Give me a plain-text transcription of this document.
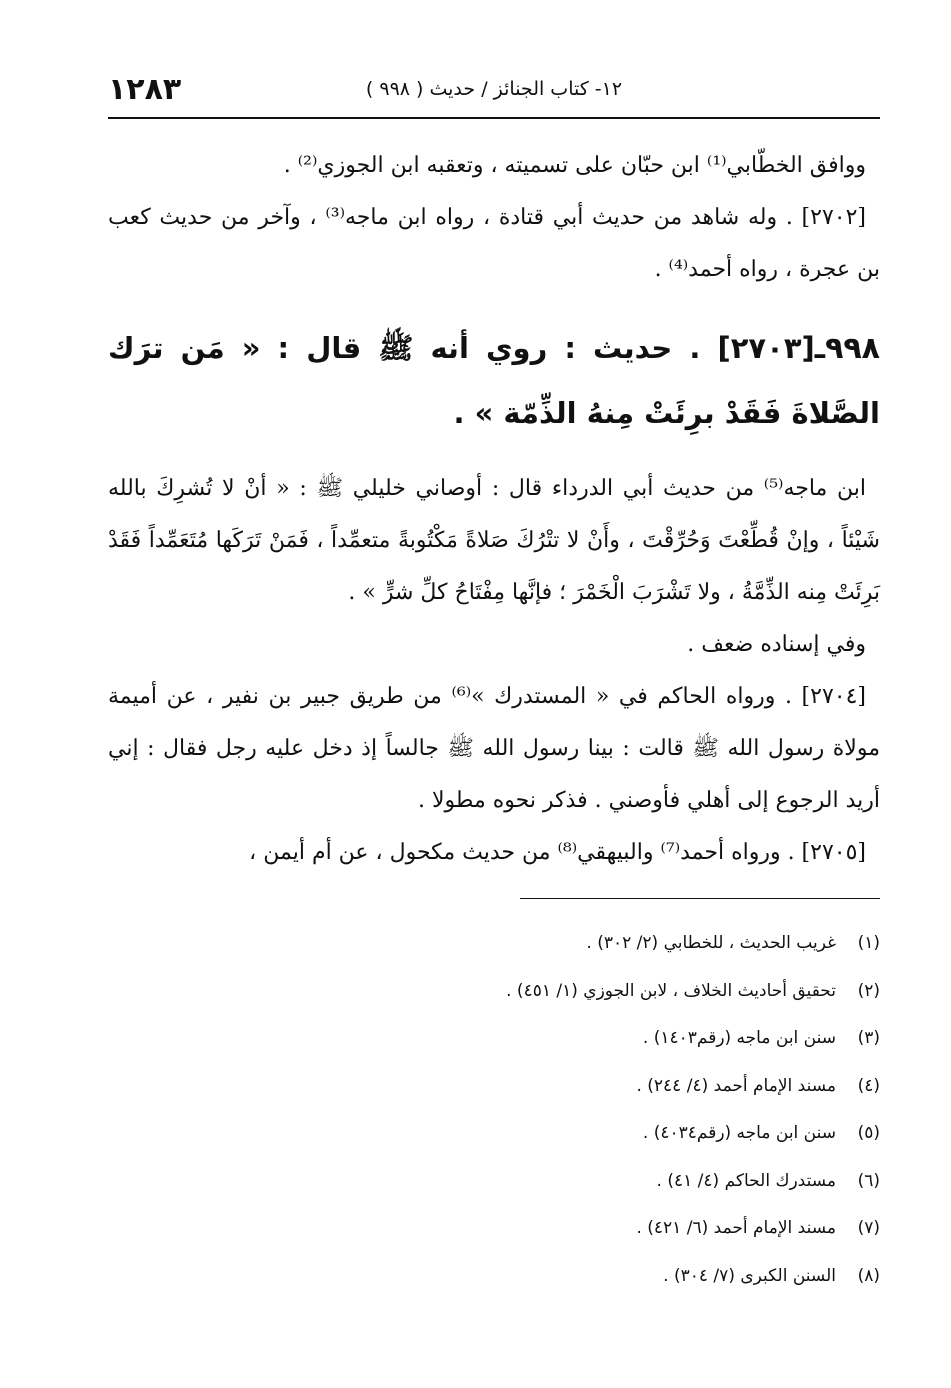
١٢- كتاب الجنائز / حديث ( ٩٩٨ )
١٢٨٣

ووافق الخطّابي⁽¹⁾ ابن حبّان على تسميته ، وتعقبه ابن الجوزي⁽²⁾ .

[٢٧٠٢] . وله شاهد من حديث أبي قتادة ، رواه ابن ماجه⁽³⁾ ، وآخر من حديث كعب بن عجرة ، رواه أحمد⁽⁴⁾ .

٩٩٨ـ[٢٧٠٣] . حديث : روي أنه ﷺ قال : « مَن ترَك الصَّلاةَ فَقَدْ برِئَتْ مِنهُ الذِّمّة » .

ابن ماجه⁽⁵⁾ من حديث أبي الدرداء قال : أوصاني خليلي ﷺ : « أنْ لا تُشرِكَ بالله شَيْئاً ، وإنْ قُطِّعْتَ وَحُرِّقْتَ ، وأَنْ لا تتْرُكَ صَلاةً مَكْتُوبةً متعمِّداً ، فَمَنْ تَرَكَها مُتَعَمِّداً فَقَدْ بَرِئَتْ مِنه الذِّمَّةُ ، ولا تَشْرَبَ الْخَمْرَ ؛ فإنَّها مِفْتَاحُ كلِّ شرٍّ » .

وفي إسناده ضعف .

[٢٧٠٤] . ورواه الحاكم في « المستدرك »⁽⁶⁾ من طريق جبير بن نفير ، عن أميمة مولاة رسول الله ﷺ قالت : بينا رسول الله ﷺ جالساً إذ دخل عليه رجل فقال : إني أريد الرجوع إلى أهلي فأوصني . فذكر نحوه مطولا .

[٢٧٠٥] . ورواه أحمد⁽⁷⁾ والبيهقي⁽⁸⁾ من حديث مكحول ، عن أم أيمن ،

(١)غريب الحديث ، للخطابي (٢/ ٣٠٢) .
(٢)تحقيق أحاديث الخلاف ، لابن الجوزي (١/ ٤٥١) .
(٣)سنن ابن ماجه (رقم١٤٠٣) .
(٤)مسند الإمام أحمد (٤/ ٢٤٤) .
(٥)سنن ابن ماجه (رقم٤٠٣٤) .
(٦)مستدرك الحاكم (٤/ ٤١) .
(٧)مسند الإمام أحمد (٦/ ٤٢١) .
(٨)السنن الكبرى (٧/ ٣٠٤) .
